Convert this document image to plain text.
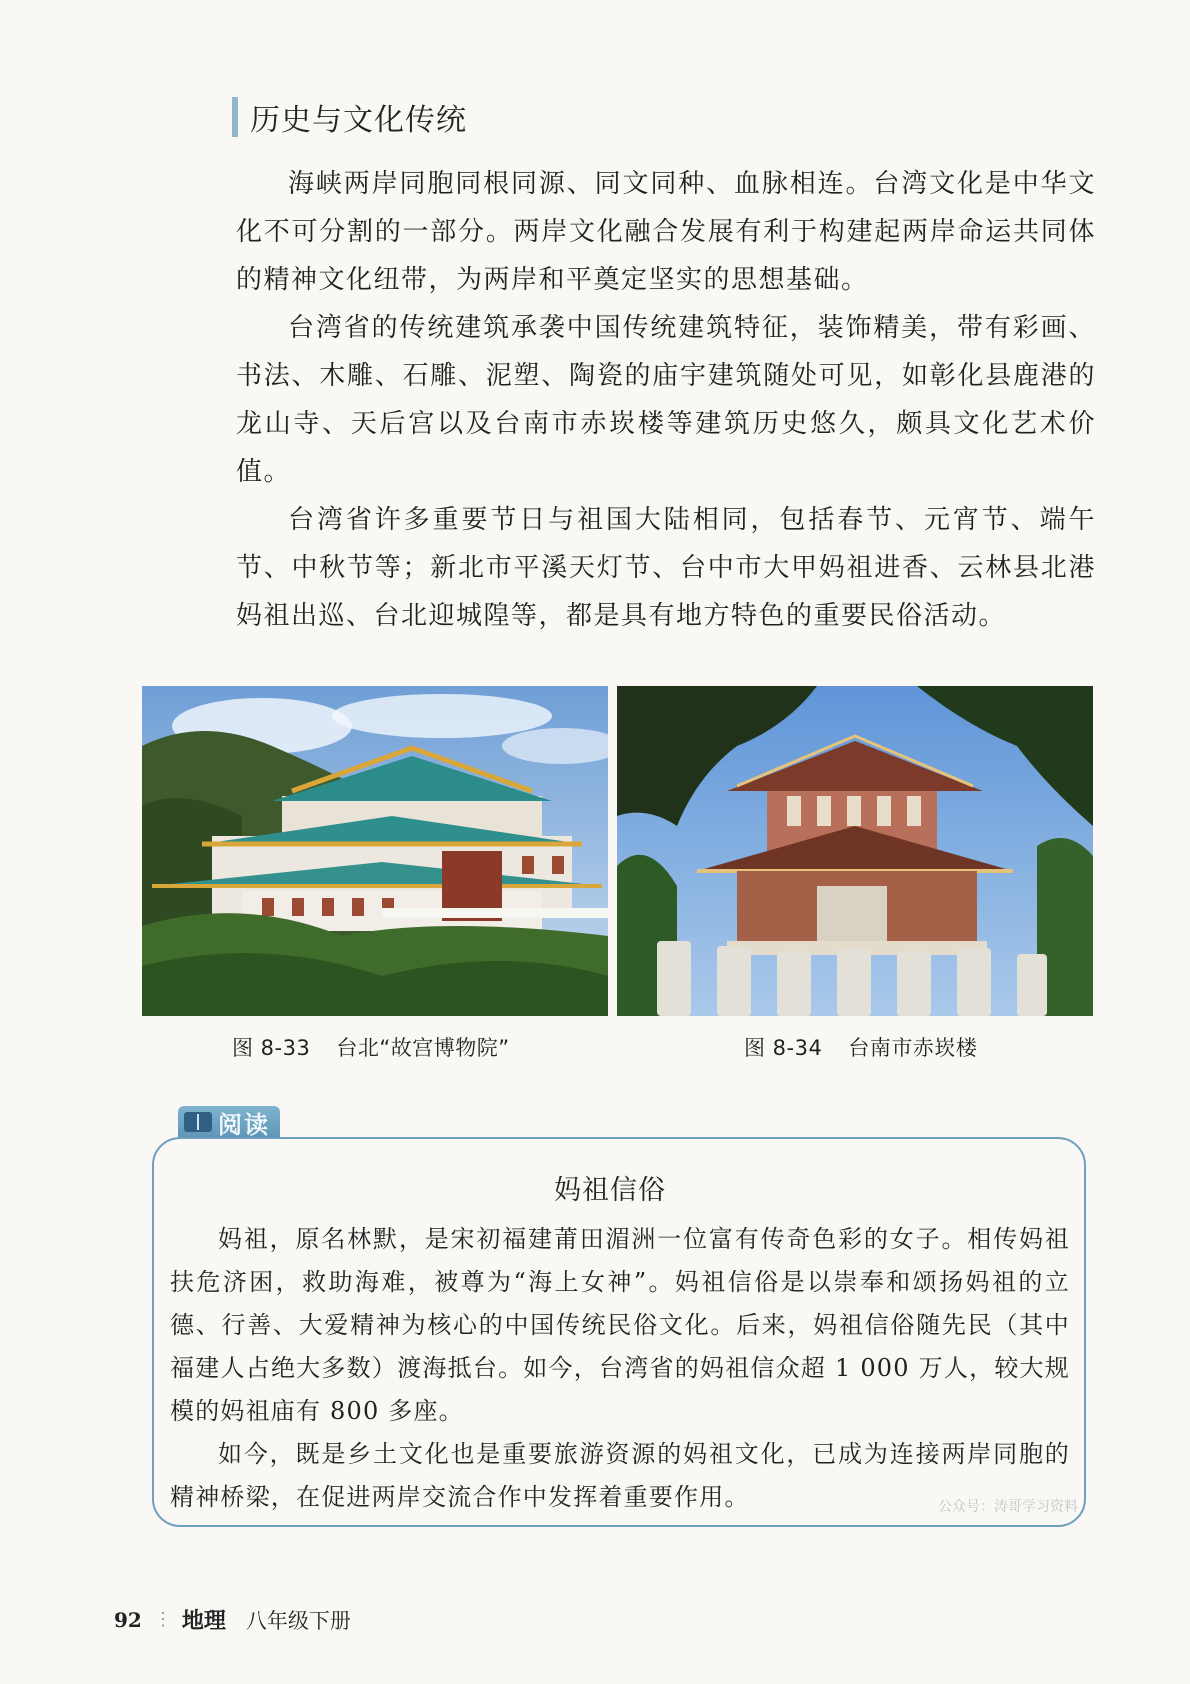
历史与文化传统

海峡两岸同胞同根同源、同文同种、血脉相连。台湾文化是中华文化不可分割的一部分。两岸文化融合发展有利于构建起两岸命运共同体的精神文化纽带，为两岸和平奠定坚实的思想基础。

台湾省的传统建筑承袭中国传统建筑特征，装饰精美，带有彩画、书法、木雕、石雕、泥塑、陶瓷的庙宇建筑随处可见，如彰化县鹿港的龙山寺、天后宫以及台南市赤崁楼等建筑历史悠久，颇具文化艺术价值。

台湾省许多重要节日与祖国大陆相同，包括春节、元宵节、端午节、中秋节等；新北市平溪天灯节、台中市大甲妈祖进香、云林县北港妈祖出巡、台北迎城隍等，都是具有地方特色的重要民俗活动。

图 8-33 台北“故宫博物院”	图 8-34 台南市赤崁楼
阅读
妈祖信俗

妈祖，原名林默，是宋初福建莆田湄洲一位富有传奇色彩的女子。相传妈祖扶危济困，救助海难，被尊为“海上女神”。妈祖信俗是以崇奉和颂扬妈祖的立德、行善、大爱精神为核心的中国传统民俗文化。后来，妈祖信俗随先民（其中福建人占绝大多数）渡海抵台。如今，台湾省的妈祖信众超 1 000 万人，较大规模的妈祖庙有 800 多座。

如今，既是乡土文化也是重要旅游资源的妈祖文化，已成为连接两岸同胞的精神桥梁，在促进两岸交流合作中发挥着重要作用。	公众号：涛哥学习资料
92 ⋮ 地理 八年级下册
